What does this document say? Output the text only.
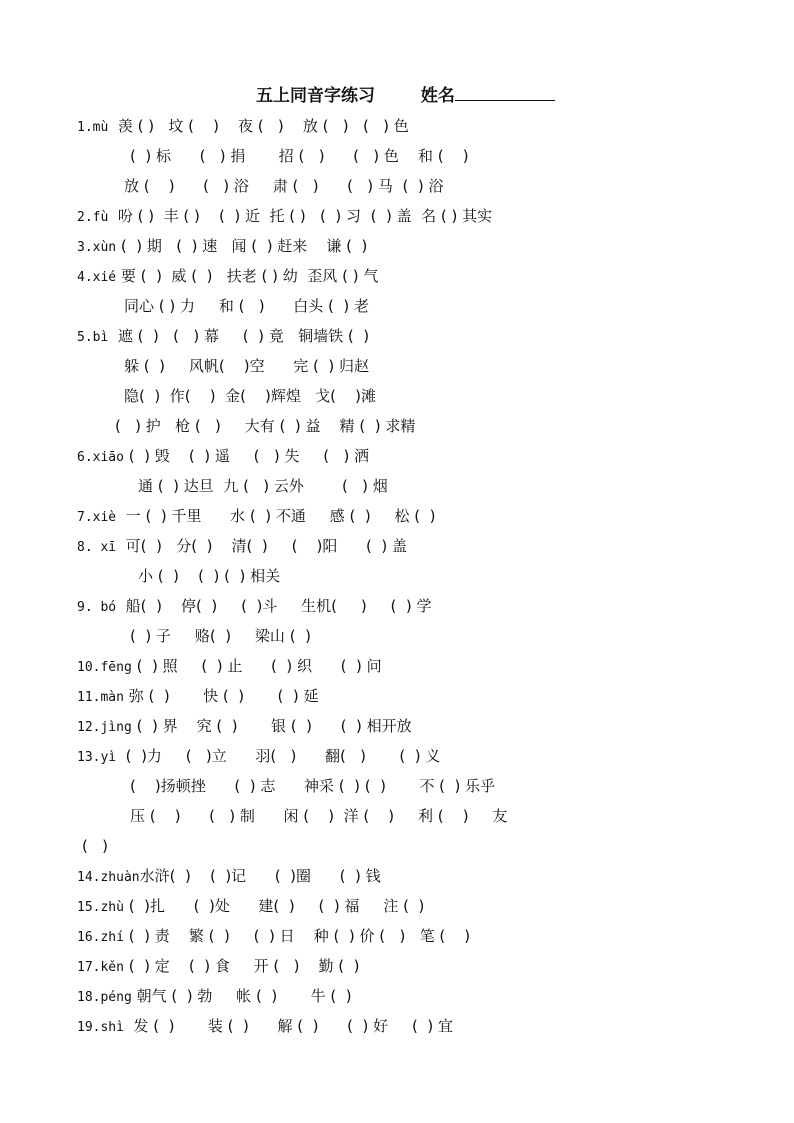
五上同音字练习	姓名
1.mù  羡 ( )   坟 (    )    夜 (   )    放 (   )   (   ) 色
(  ) 标      (   ) 捐       招 (   )      (   ) 色    和 (    )
放 (    )      (   ) 浴     肃 (   )      (   ) 马  (  ) 浴
2.fù  吩 ( )  丰 ( )    (  ) 近  托 ( )   (  ) 习  (  ) 盖  名 ( ) 其实
3.xùn (  ) 期   (  ) 速   闻 (  ) 赶来    谦 (  )
4.xié 要 (  )  威 (  )   扶老 ( ) 幼  歪风 ( ) 气
同心 ( ) 力     和 (   )      白头 (  ) 老
5.bì  遮 (  )   (   ) 幕     (  ) 竟   铜墙铁 (  )
躲 (  )     风帆(    )空      完 (  ) 归赵
隐(  )  作(    )  金(    )辉煌   戈(    )滩
(   ) 护   枪 (   )     大有 (  ) 益    精 (  ) 求精
6.xiāo (  ) 毁    (  ) 遥     (   ) 失     (   ) 洒
通 (  ) 达旦  九 (   ) 云外        (   ) 烟
7.xiè  一 (  ) 千里      水 (  ) 不通     感 (  )     松 (  )
8. xī  可(  )   分(  )    清(  )     (    )阳      (  ) 盖
小 (  )    (  ) (  ) 相关
9. bó  船(  )    停(  )     (  )斗     生机(     )     (  ) 学
(  ) 子     赂(  )     梁山 (  )
10.fēng (  ) 照     (  ) 止      (  ) 织      (  ) 问
11.màn 弥 (  )       快 (  )       (  ) 延
12.jìng (  ) 界    究 (  )       银 (  )      (  ) 相开放
13.yì  (  )力     (   )立      羽(   )      翻(   )       (  ) 义
(    )扬顿挫      (  ) 志      神采 (  ) (  )       不 (  ) 乐乎
压 (    )      (   ) 制      闲 (    )  洋 (    )     利 (    )     友
(   )
14.zhuàn水浒(  )    (  )记      (  )圈      (  ) 钱
15.zhù (  )扎      (  )处      建(  )     (  ) 福     注 (  )
16.zhí (  ) 责    繁 (  )     (  ) 日    种 (  ) 价 (   )   笔 (    )
17.kěn (  ) 定    (  ) 食     开 (   )    勤 (  )
18.péng 朝气 (  ) 勃     帐 (  )       牛 (  )
19.shì  发 (  )       装 (  )      解 (  )      (  ) 好     (  ) 宜
